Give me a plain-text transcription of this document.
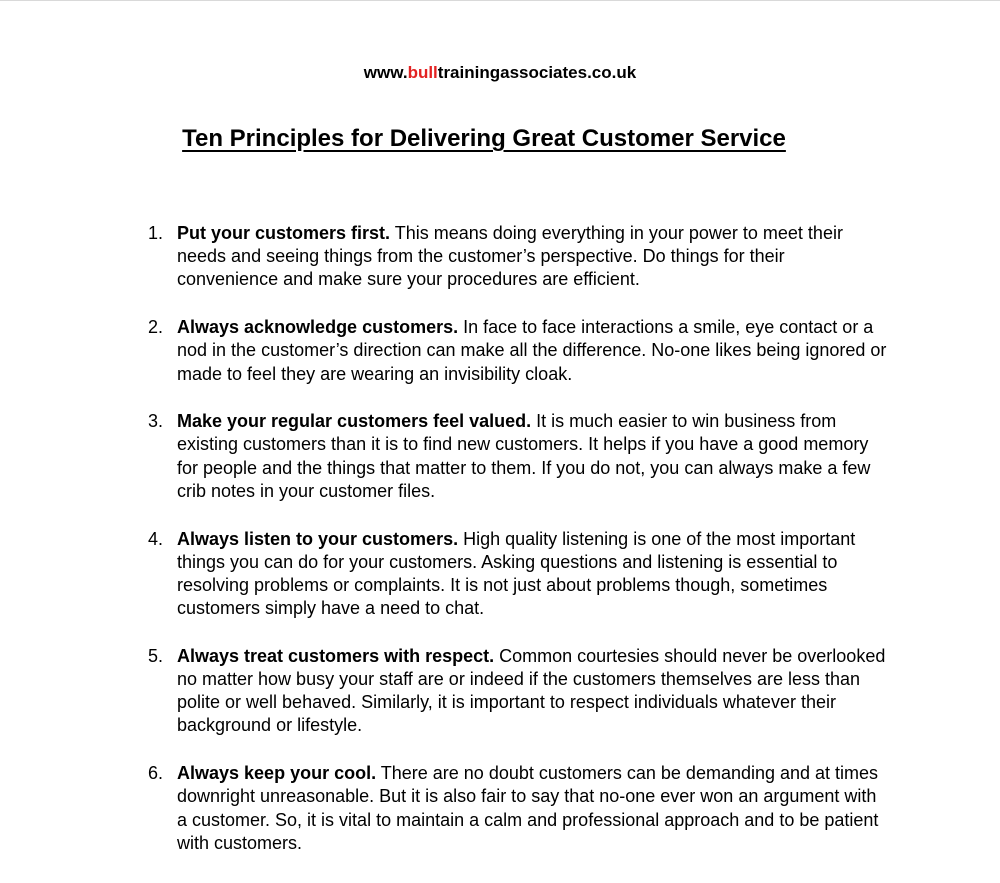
www.bulltrainingassociates.co.uk
Ten Principles for Delivering Great Customer Service
1. Put your customers first. This means doing everything in your power to meet their needs and seeing things from the customer’s perspective. Do things for their convenience and make sure your procedures are efficient.
2. Always acknowledge customers. In face to face interactions a smile, eye contact or a nod in the customer’s direction can make all the difference. No-one likes being ignored or made to feel they are wearing an invisibility cloak.
3. Make your regular customers feel valued. It is much easier to win business from existing customers than it is to find new customers. It helps if you have a good memory for people and the things that matter to them. If you do not, you can always make a few crib notes in your customer files.
4. Always listen to your customers. High quality listening is one of the most important things you can do for your customers. Asking questions and listening is essential to resolving problems or complaints. It is not just about problems though, sometimes customers simply have a need to chat.
5. Always treat customers with respect. Common courtesies should never be overlooked no matter how busy your staff are or indeed if the customers themselves are less than polite or well behaved. Similarly, it is important to respect individuals whatever their background or lifestyle.
6. Always keep your cool. There are no doubt customers can be demanding and at times downright unreasonable. But it is also fair to say that no-one ever won an argument with a customer. So, it is vital to maintain a calm and professional approach and to be patient with customers.
